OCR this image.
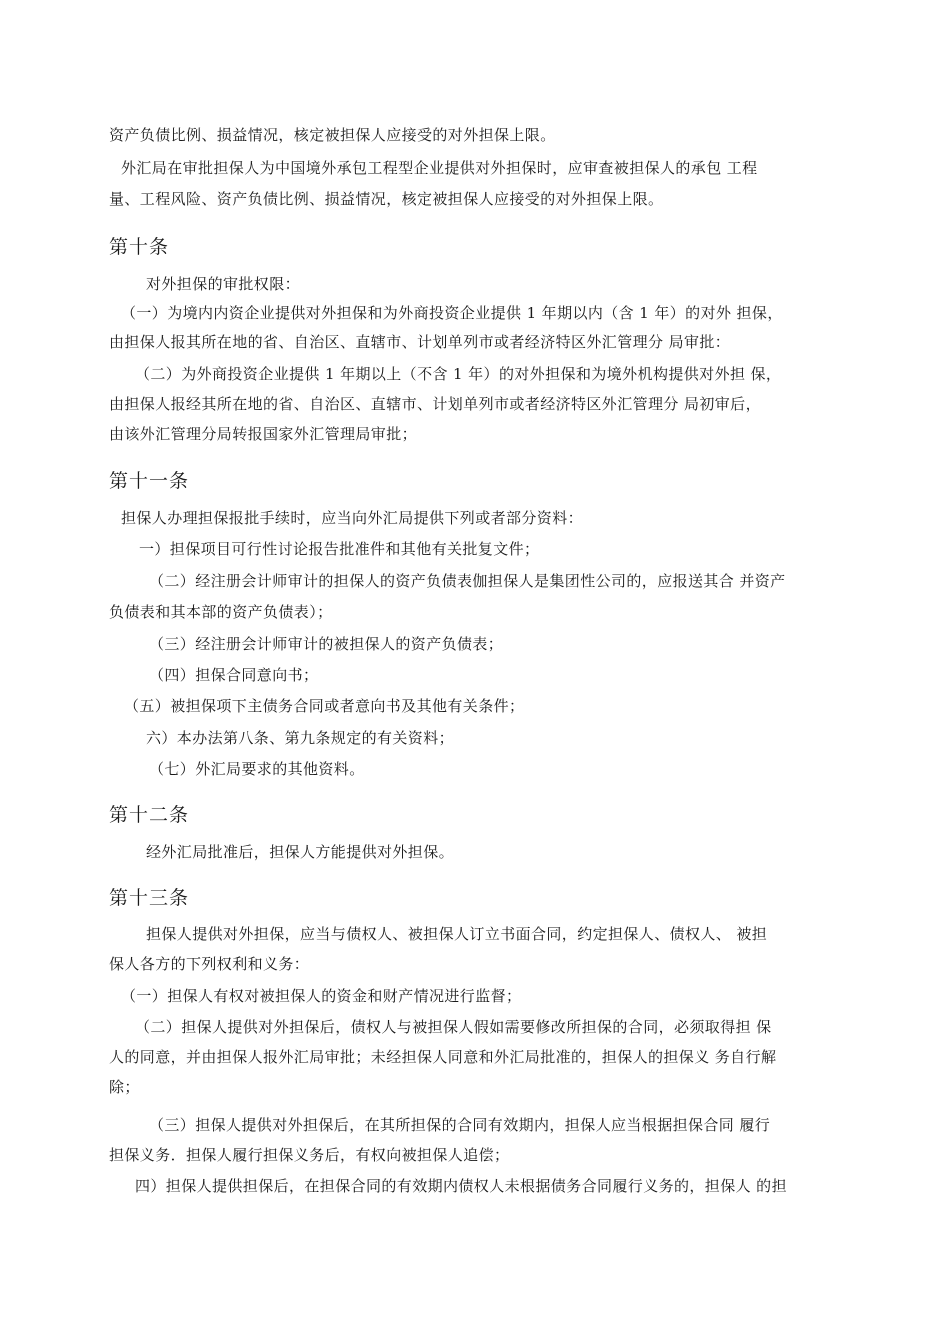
资产负债比例、损益情况，核定被担保人应接受的对外担保上限。
外汇局在审批担保人为中国境外承包工程型企业提供对外担保时，应审查被担保人的承包 工程
量、工程风险、资产负债比例、损益情况，核定被担保人应接受的对外担保上限。
第十条
对外担保的审批权限：
（一）为境内内资企业提供对外担保和为外商投资企业提供 1 年期以内（含 1 年）的对外 担保，
由担保人报其所在地的省、自治区、直辖市、计划单列市或者经济特区外汇管理分 局审批：
（二）为外商投资企业提供 1 年期以上（不含 1 年）的对外担保和为境外机构提供对外担 保，
由担保人报经其所在地的省、自治区、直辖市、计划单列市或者经济特区外汇管理分 局初审后，
由该外汇管理分局转报国家外汇管理局审批；
第十一条
担保人办理担保报批手续时，应当向外汇局提供下列或者部分资料：
一）担保项目可行性讨论报告批准件和其他有关批复文件；
（二）经注册会计师审计的担保人的资产负债表伽担保人是集团性公司的，应报送其合 并资产
负债表和其本部的资产负债表）；
（三）经注册会计师审计的被担保人的资产负债表；
（四）担保合同意向书；
（五）被担保项下主债务合同或者意向书及其他有关条件；
六）本办法第八条、第九条规定的有关资料；
（七）外汇局要求的其他资料。
第十二条
经外汇局批准后，担保人方能提供对外担保。
第十三条
担保人提供对外担保，应当与债权人、被担保人订立书面合同，约定担保人、债权人、 被担
保人各方的下列权利和义务：
（一）担保人有权对被担保人的资金和财产情况进行监督；
（二）担保人提供对外担保后，债权人与被担保人假如需要修改所担保的合同，必须取得担 保
人的同意，并由担保人报外汇局审批；未经担保人同意和外汇局批准的，担保人的担保义 务自行解
除；
（三）担保人提供对外担保后，在其所担保的合同有效期内，担保人应当根据担保合同 履行
担保义务．担保人履行担保义务后，有权向被担保人追偿；
四）担保人提供担保后，在担保合同的有效期内债权人未根据债务合同履行义务的，担保人 的担
